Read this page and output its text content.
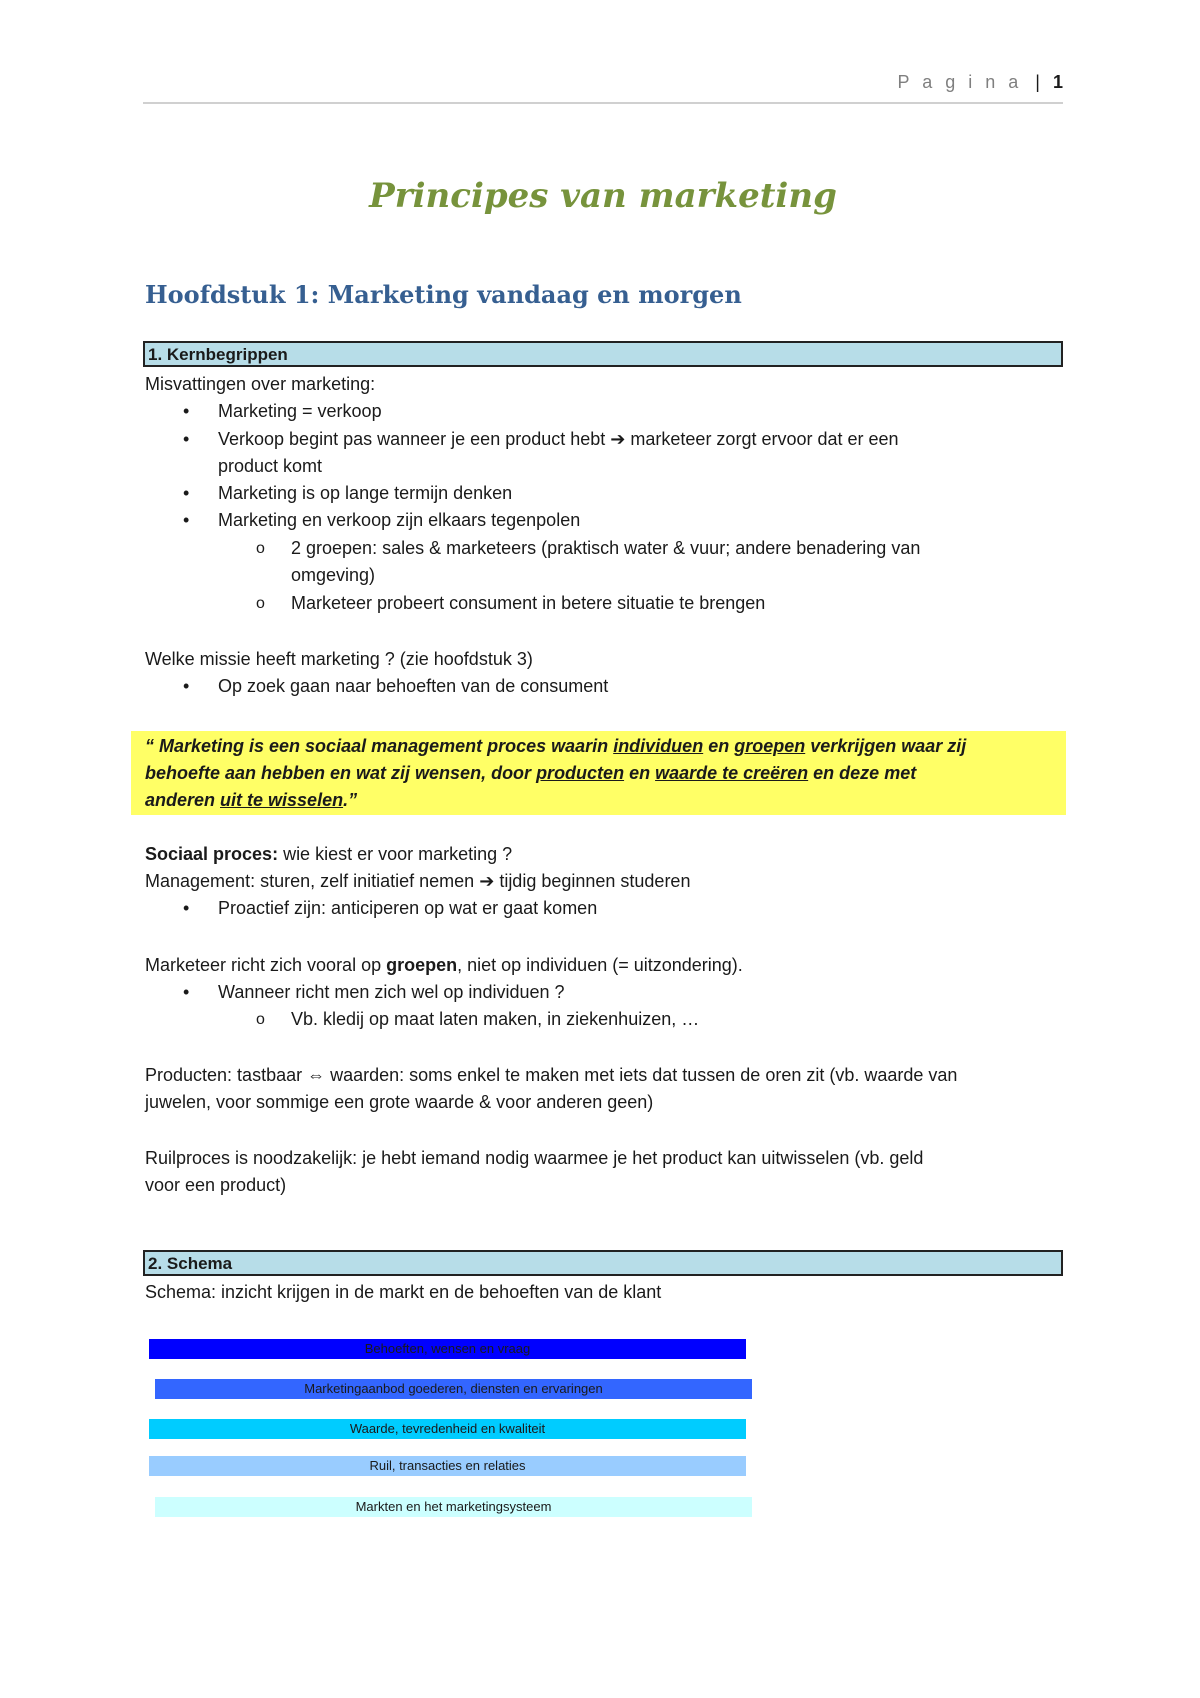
P a g i n a | 1
Principes van marketing
Hoofdstuk 1: Marketing vandaag en morgen
1. Kernbegrippen
Misvattingen over marketing:
• Marketing = verkoop
• Verkoop begint pas wanneer je een product hebt ➔ marketeer zorgt ervoor dat er een
product komt
• Marketing is op lange termijn denken
• Marketing en verkoop zijn elkaars tegenpolen
o 2 groepen: sales & marketeers (praktisch water & vuur; andere benadering van
omgeving)
o Marketeer probeert consument in betere situatie te brengen
Welke missie heeft marketing ? (zie hoofdstuk 3)
• Op zoek gaan naar behoeften van de consument
“ Marketing is een sociaal management proces waarin individuen en groepen verkrijgen waar zij
behoefte aan hebben en wat zij wensen, door producten en waarde te creëren en deze met
anderen uit te wisselen.”
Sociaal proces: wie kiest er voor marketing ?
Management: sturen, zelf initiatief nemen ➔ tijdig beginnen studeren
• Proactief zijn: anticiperen op wat er gaat komen
Marketeer richt zich vooral op groepen, niet op individuen (= uitzondering).
• Wanneer richt men zich wel op individuen ?
o Vb. kledij op maat laten maken, in ziekenhuizen, …
Producten: tastbaar ⇔ waarden: soms enkel te maken met iets dat tussen de oren zit (vb. waarde van
juwelen, voor sommige een grote waarde & voor anderen geen)
Ruilproces is noodzakelijk: je hebt iemand nodig waarmee je het product kan uitwisselen (vb. geld
voor een product)
2. Schema
Schema: inzicht krijgen in de markt en de behoeften van de klant
Behoeften, wensen en vraag
Marketingaanbod goederen, diensten en ervaringen
Waarde, tevredenheid en kwaliteit
Ruil, transacties en relaties
Markten en het marketingsysteem
